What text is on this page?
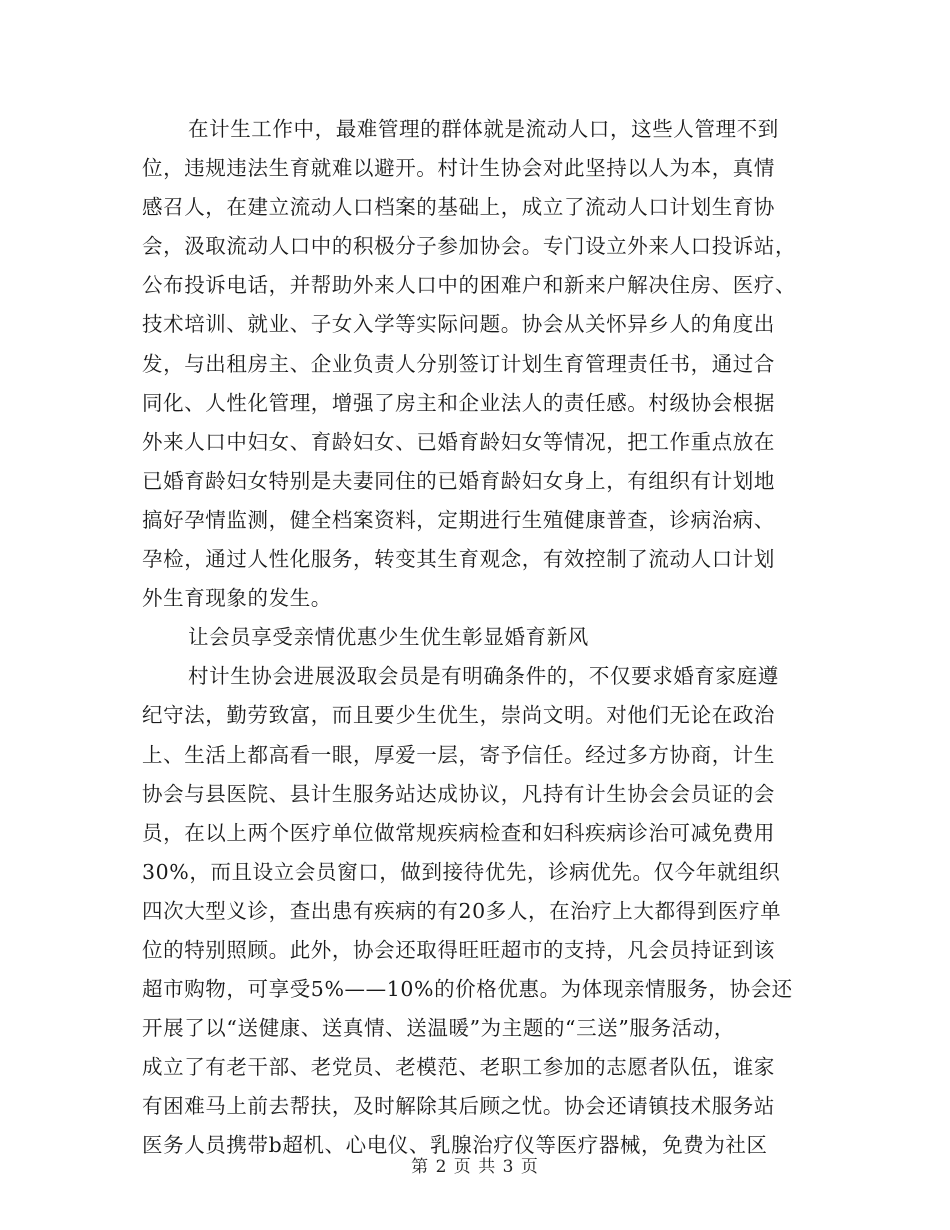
在计生工作中，最难管理的群体就是流动人口，这些人管理不到
位，违规违法生育就难以避开。村计生协会对此坚持以人为本，真情
感召人，在建立流动人口档案的基础上，成立了流动人口计划生育协
会，汲取流动人口中的积极分子参加协会。专门设立外来人口投诉站，
公布投诉电话，并帮助外来人口中的困难户和新来户解决住房、医疗、
技术培训、就业、子女入学等实际问题。协会从关怀异乡人的角度出
发，与出租房主、企业负责人分别签订计划生育管理责任书，通过合
同化、人性化管理，增强了房主和企业法人的责任感。村级协会根据
外来人口中妇女、育龄妇女、已婚育龄妇女等情况，把工作重点放在
已婚育龄妇女特别是夫妻同住的已婚育龄妇女身上，有组织有计划地
搞好孕情监测，健全档案资料，定期进行生殖健康普查，诊病治病、
孕检，通过人性化服务，转变其生育观念，有效控制了流动人口计划
外生育现象的发生。
让会员享受亲情优惠少生优生彰显婚育新风
村计生协会进展汲取会员是有明确条件的，不仅要求婚育家庭遵
纪守法，勤劳致富，而且要少生优生，崇尚文明。对他们无论在政治
上、生活上都高看一眼，厚爱一层，寄予信任。经过多方协商，计生
协会与县医院、县计生服务站达成协议，凡持有计生协会会员证的会
员，在以上两个医疗单位做常规疾病检查和妇科疾病诊治可减免费用
30%，而且设立会员窗口，做到接待优先，诊病优先。仅今年就组织
四次大型义诊，查出患有疾病的有20多人，在治疗上大都得到医疗单
位的特别照顾。此外，协会还取得旺旺超市的支持，凡会员持证到该
超市购物，可享受5%——10%的价格优惠。为体现亲情服务，协会还
开展了以“送健康、送真情、送温暖”为主题的“三送”服务活动，
成立了有老干部、老党员、老模范、老职工参加的志愿者队伍，谁家
有困难马上前去帮扶，及时解除其后顾之忧。协会还请镇技术服务站
医务人员携带b超机、心电仪、乳腺治疗仪等医疗器械，免费为社区
第 2 页 共 3 页
